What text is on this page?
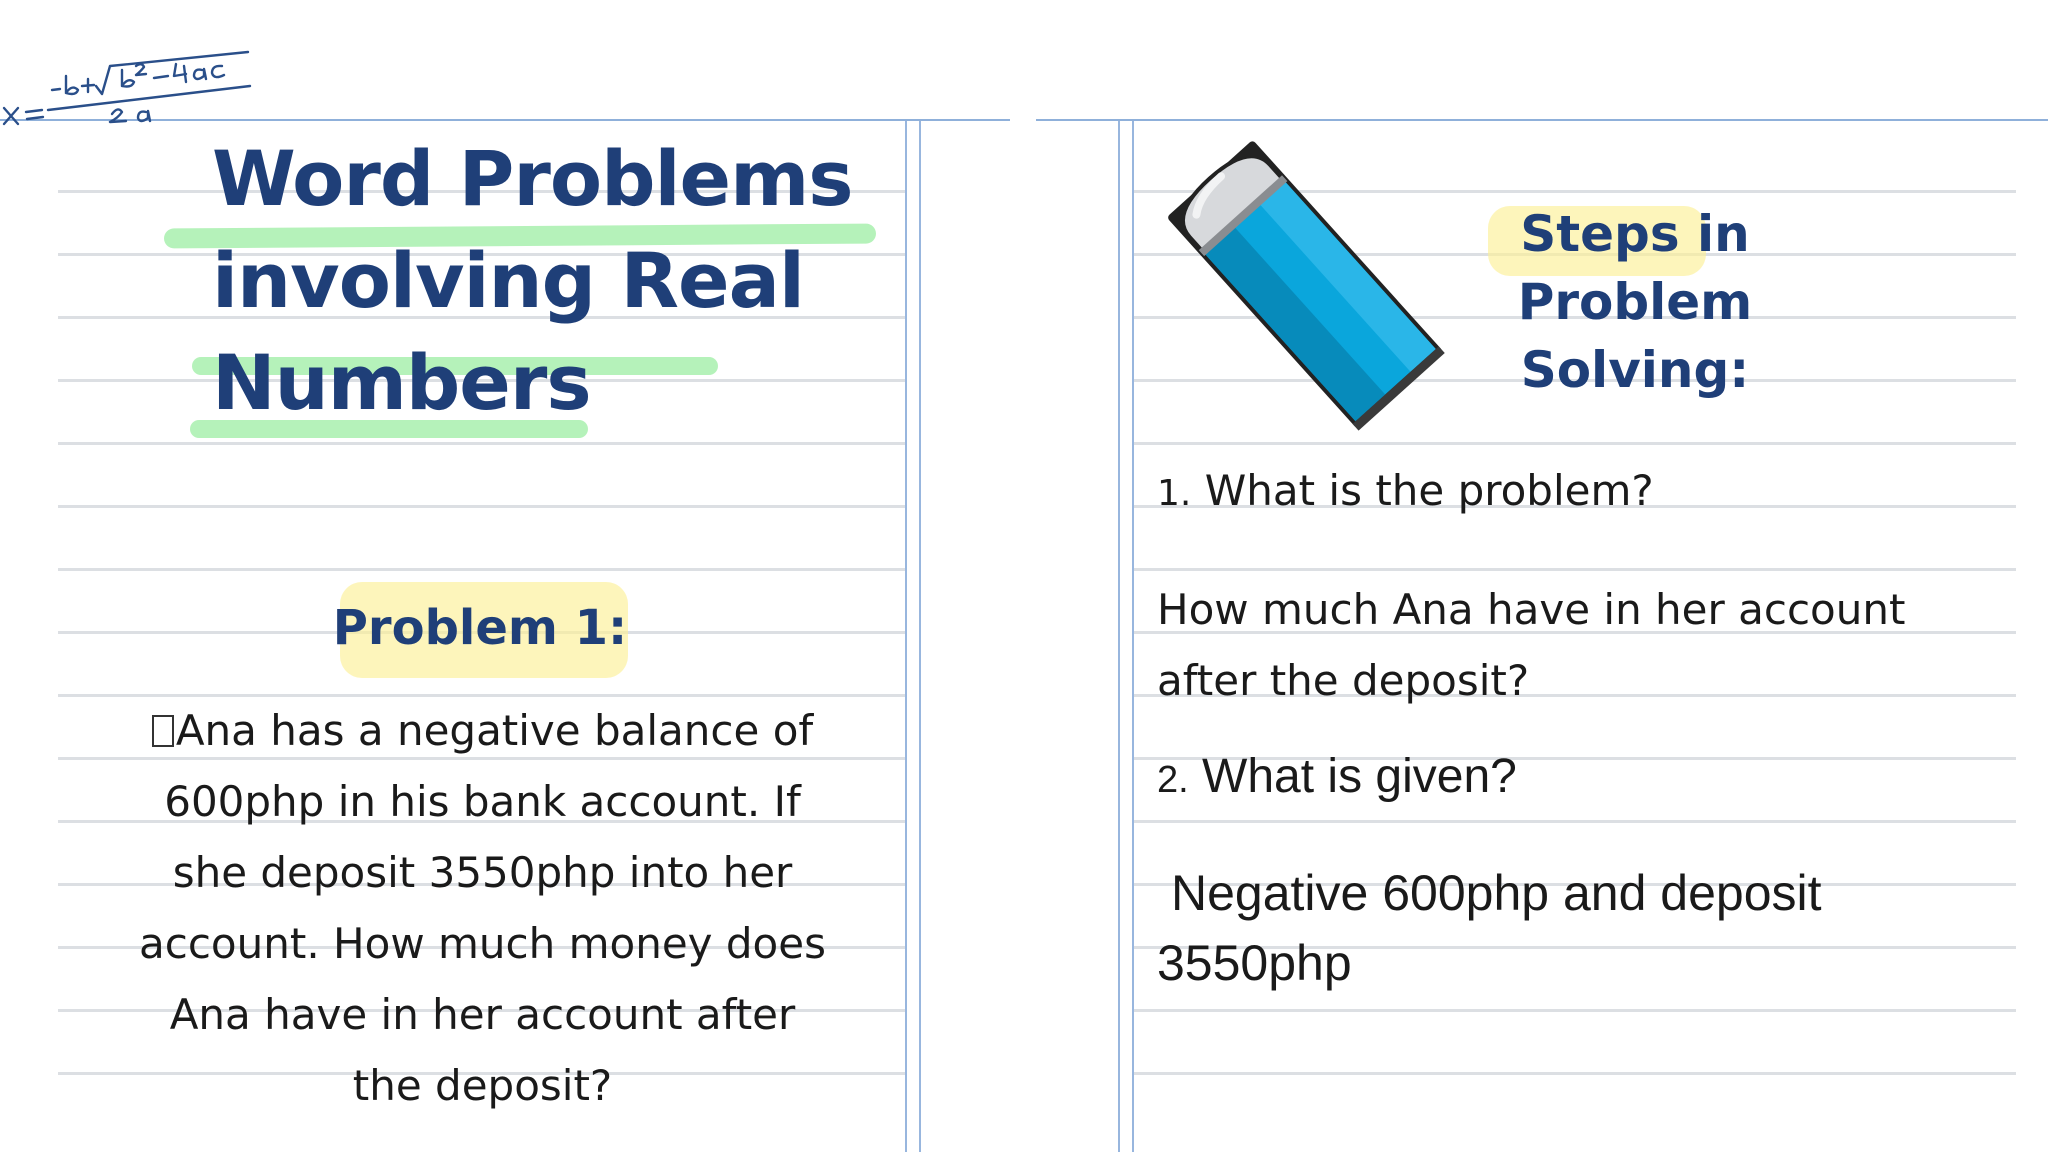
Word Problems
involving Real
Numbers
Problem 1:
Ana has a negative balance of
600php in his bank account. If
she deposit 3550php into her
account. How much money does
Ana have in her account after
the deposit?
Steps in Problem
Solving:
1. What is the problem?
How much Ana have in her account
after the deposit?
2. What is given?
Negative 600php and deposit
3550php
